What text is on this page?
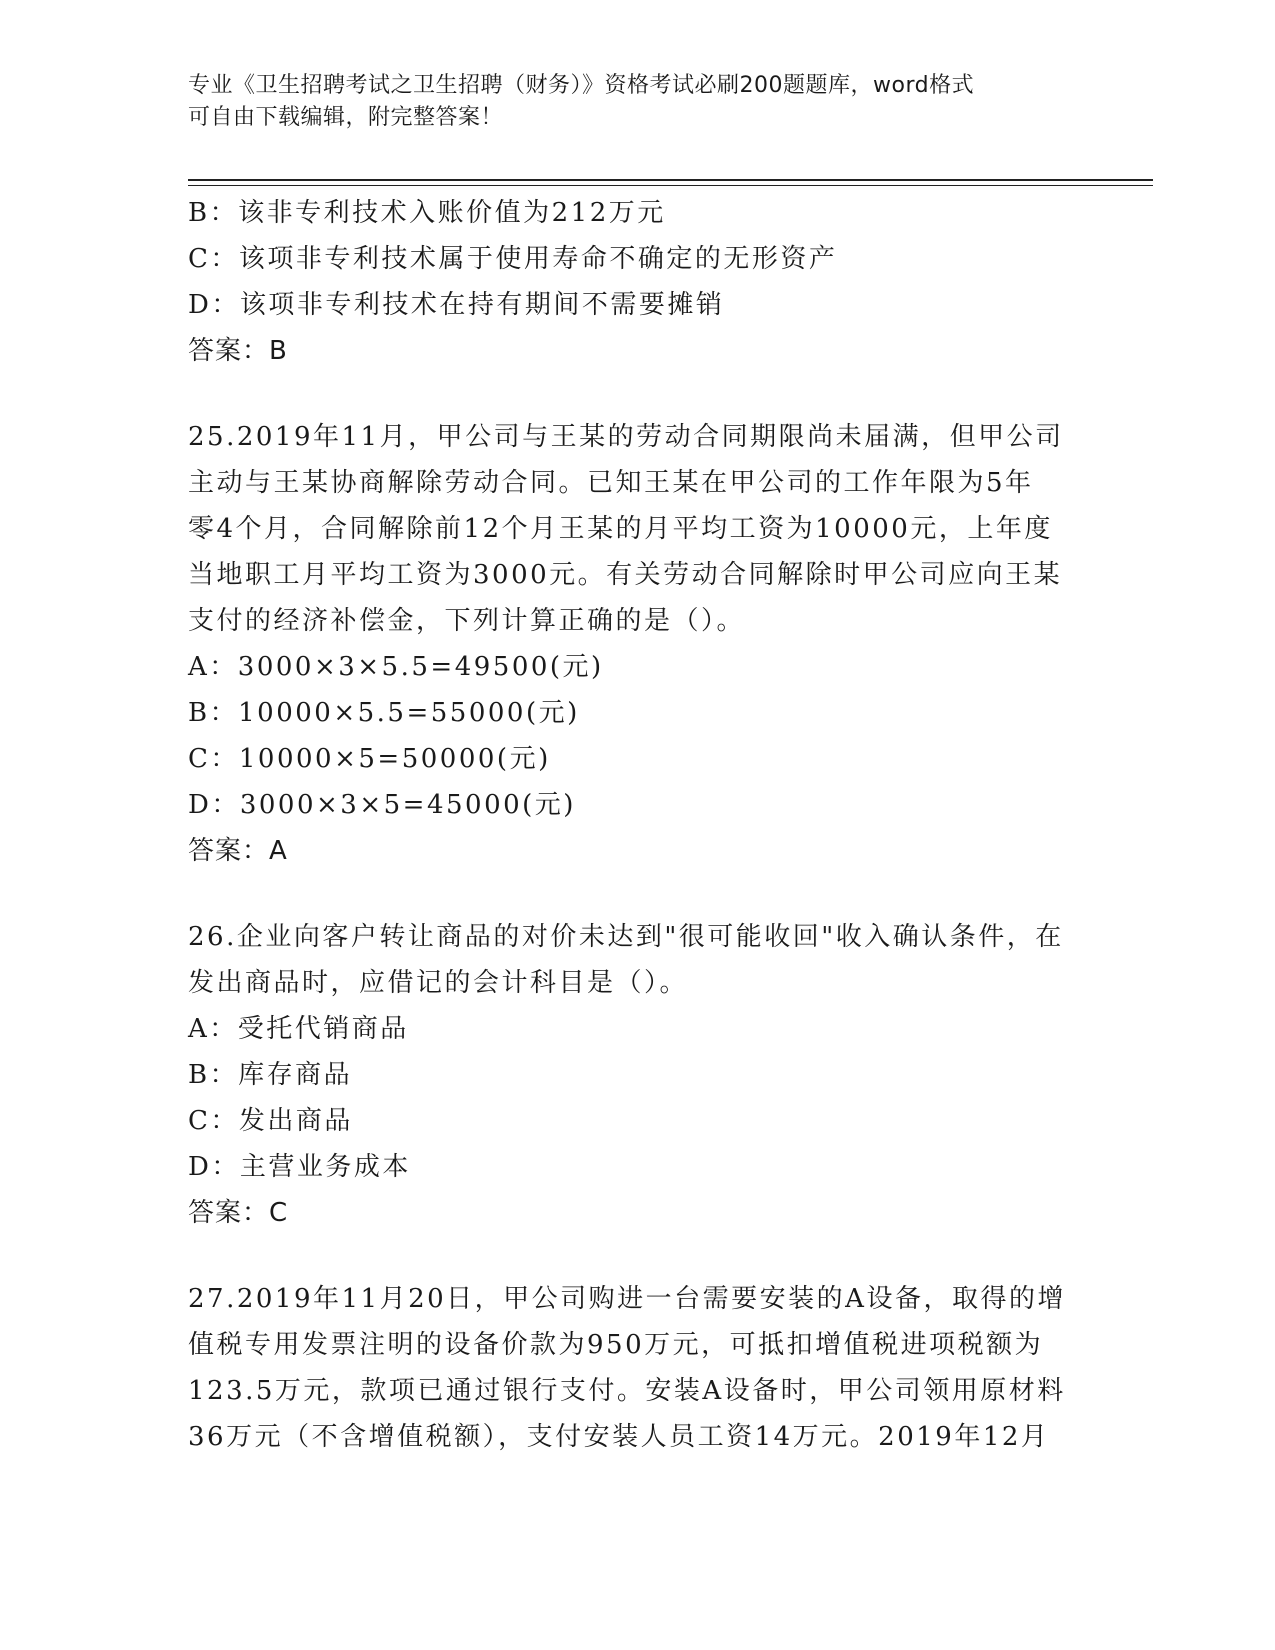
专业《卫生招聘考试之卫生招聘（财务）》资格考试必刷200题题库，word格式
可自由下载编辑，附完整答案！
B：该非专利技术入账价值为212万元
C：该项非专利技术属于使用寿命不确定的无形资产
D：该项非专利技术在持有期间不需要摊销
答案：B
25.2019年11月，甲公司与王某的劳动合同期限尚未届满，但甲公司
主动与王某协商解除劳动合同。已知王某在甲公司的工作年限为5年
零4个月，合同解除前12个月王某的月平均工资为10000元，上年度
当地职工月平均工资为3000元。有关劳动合同解除时甲公司应向王某
支付的经济补偿金，下列计算正确的是（）。
A：3000×3×5.5=49500(元)
B：10000×5.5=55000(元)
C：10000×5=50000(元)
D：3000×3×5=45000(元)
答案：A
26.企业向客户转让商品的对价未达到"很可能收回"收入确认条件，在
发出商品时，应借记的会计科目是（）。
A：受托代销商品
B：库存商品
C：发出商品
D：主营业务成本
答案：C
27.2019年11月20日，甲公司购进一台需要安装的A设备，取得的增
值税专用发票注明的设备价款为950万元，可抵扣增值税进项税额为
123.5万元，款项已通过银行支付。安装A设备时，甲公司领用原材料
36万元（不含增值税额），支付安装人员工资14万元。2019年12月
